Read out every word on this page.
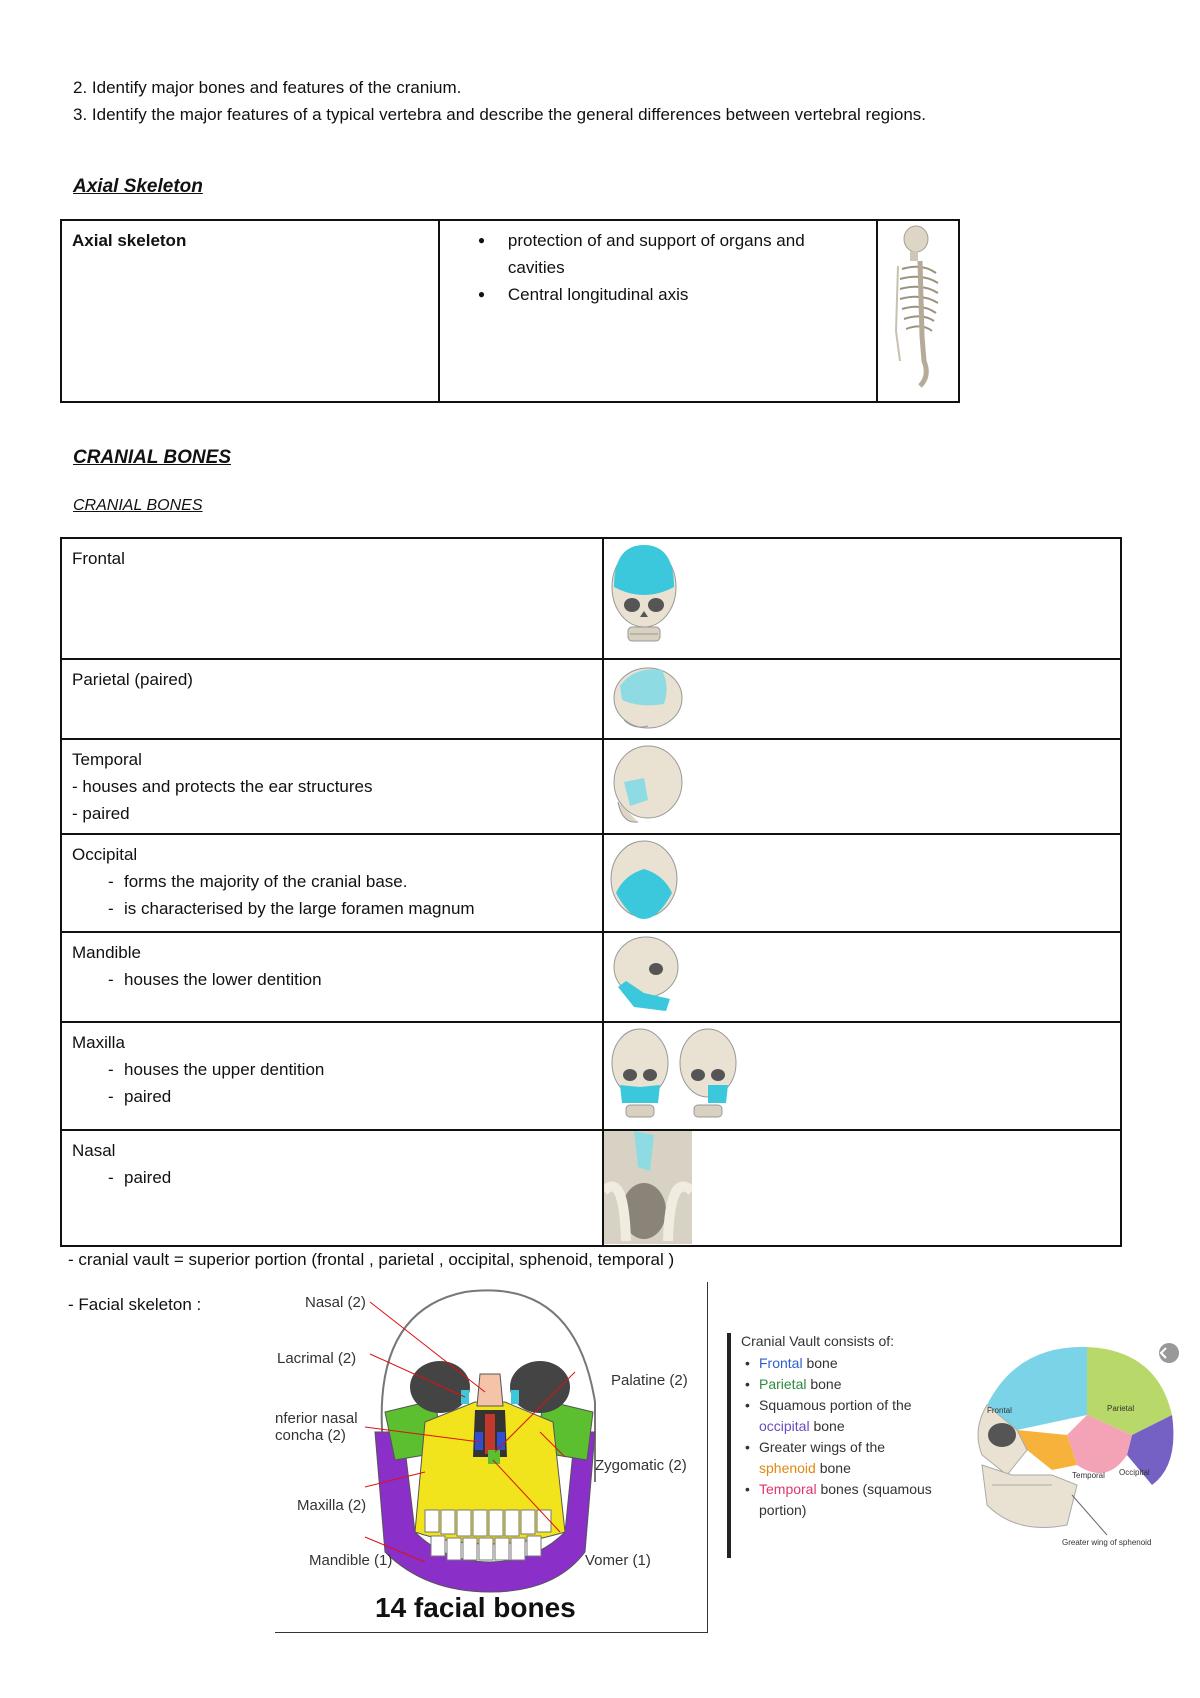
2. Identify major bones and features of the cranium.
3. Identify the major features of a typical vertebra and describe the general differences between vertebral regions.
Axial Skeleton
Axial skeleton	
●protection of and support of organs and cavities
● Central longitudinal axis

CRANIAL BONES
CRANIAL BONES
Frontal

Parietal (paired)

Temporal
- houses and protects the ear structures
- paired

Occipital
- forms the majority of the cranial base.
- is characterised by the large foramen magnum

Mandible
- houses the lower dentition

Maxilla
- houses the upper dentition
- paired

Nasal
- paired

- cranial vault = superior portion (frontal , parietal , occipital, sphenoid, temporal )
- Facial skeleton :	Nasal (2)
Lacrimal (2)
nferior nasal concha (2)
Maxilla (2)
Mandible (1)
Palatine (2)
Zygomatic (2)
Vomer (1)
14 facial bones
Cranial Vault consists of:
• Frontal bone
• Parietal bone
• Squamous portion of the occipital bone
• Greater wings of the sphenoid bone
• Temporal bones (squamous portion)
Frontal	Parietal
Temporal Occipital
Greater wing of sphenoid
